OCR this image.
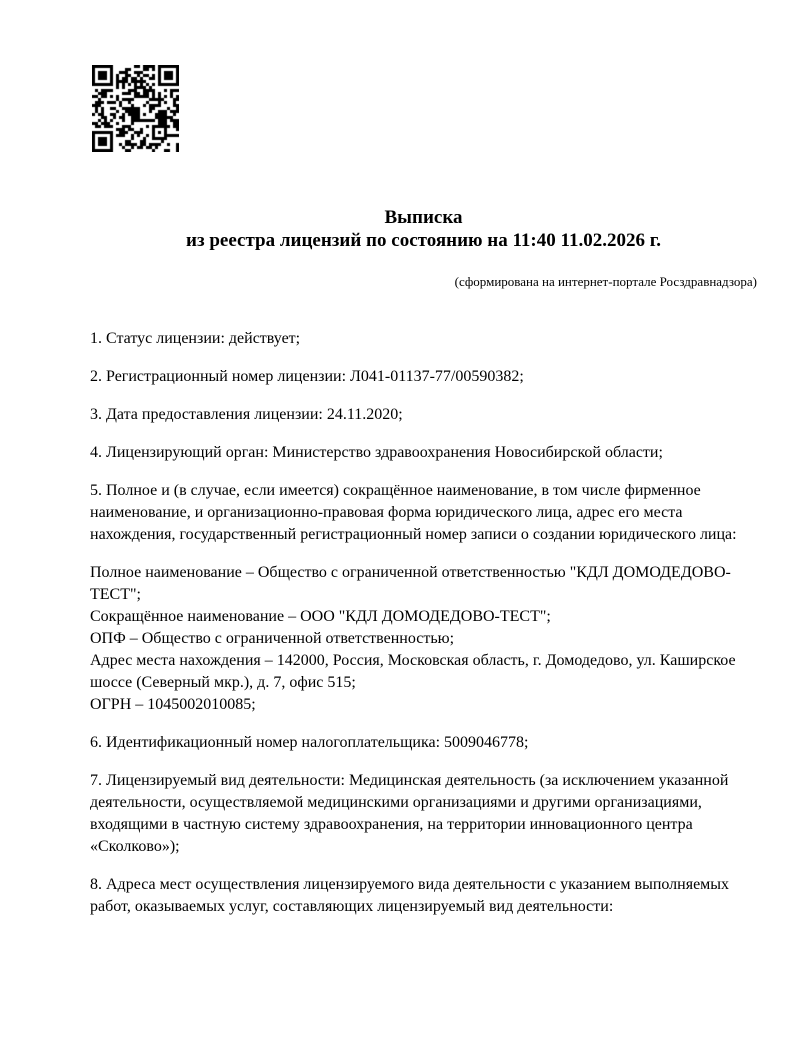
Выписка
из реестра лицензий по состоянию на 11:40 11.02.2026 г.
(сформирована на интернет-портале Росздравнадзора)

1. Статус лицензии: действует;

2. Регистрационный номер лицензии: Л041-01137-77/00590382;

3. Дата предоставления лицензии: 24.11.2020;

4. Лицензирующий орган: Министерство здравоохранения Новосибирской области;

5. Полное и (в случае, если имеется) сокращённое наименование, в том числе фирменное наименование, и организационно-правовая форма юридического лица, адрес его места нахождения, государственный регистрационный номер записи о создании юридического лица:

Полное наименование – Общество с ограниченной ответственностью "КДЛ ДОМОДЕДОВО-ТЕСТ";
Сокращённое наименование – ООО "КДЛ ДОМОДЕДОВО-ТЕСТ";
ОПФ – Общество с ограниченной ответственностью;
Адрес места нахождения – 142000, Россия, Московская область, г. Домодедово, ул. Каширское шоссе (Северный мкр.), д. 7, офис 515;
ОГРН – 1045002010085;

6. Идентификационный номер налогоплательщика: 5009046778;

7. Лицензируемый вид деятельности: Медицинская деятельность (за исключением указанной деятельности, осуществляемой медицинскими организациями и другими организациями, входящими в частную систему здравоохранения, на территории инновационного центра «Сколково»);

8. Адреса мест осуществления лицензируемого вида деятельности с указанием выполняемых работ, оказываемых услуг, составляющих лицензируемый вид деятельности:
